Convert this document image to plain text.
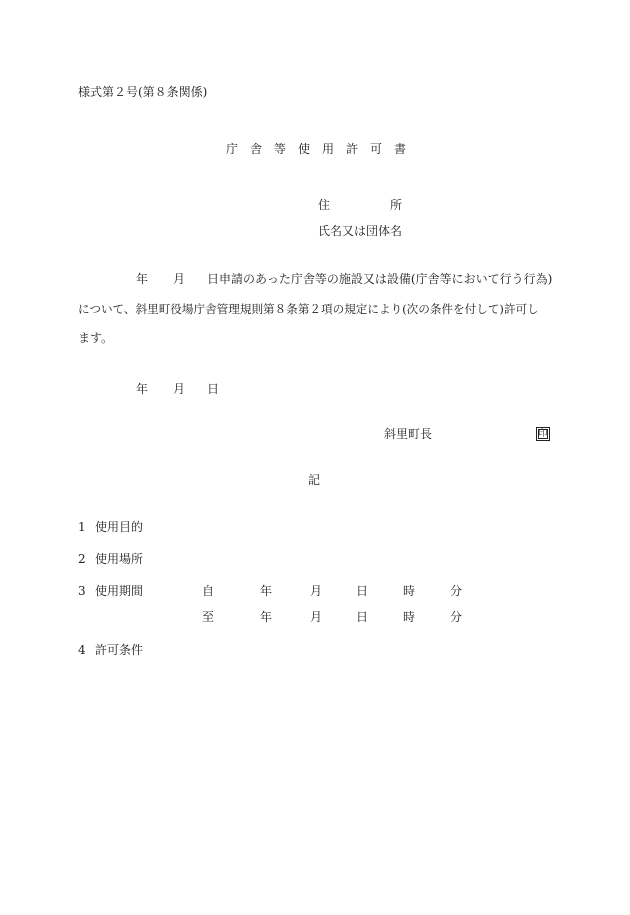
様式第２号(第８条関係)
庁　舎　等　使　用　許　可　書
住　　　　　所
氏名又は団体名
年 月 日申請のあった庁舎等の施設又は設備(庁舎等において行う行為)
について、斜里町役場庁舎管理規則第８条第２項の規定により(次の条件を付して)許可し
ます。
年 月 日
斜里町長	印
記
1 使用目的
2 使用場所
3 使用期間	自	年	月	日	時	分
至	年	月	日	時	分
4 許可条件
